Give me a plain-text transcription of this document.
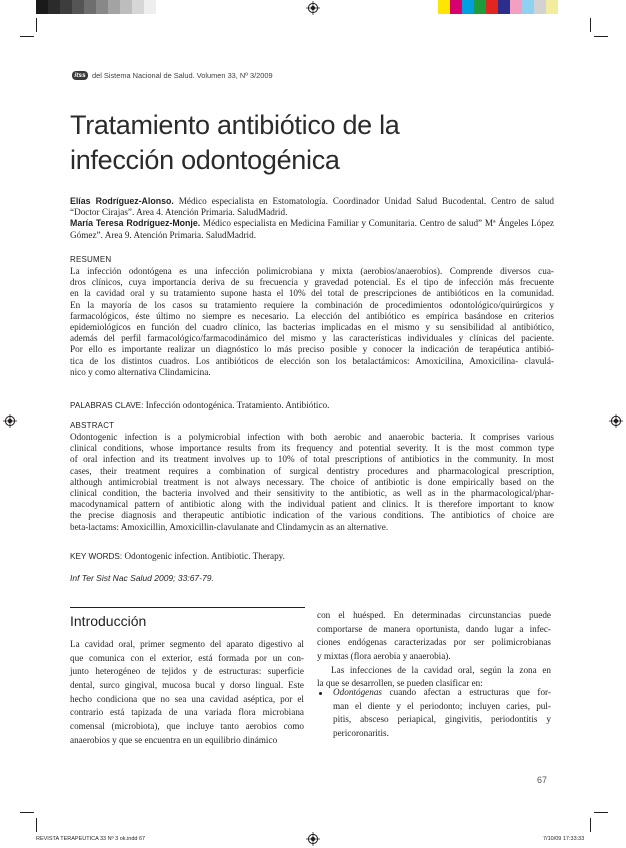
itss del Sistema Nacional de Salud. Volumen 33, Nº 3/2009
Tratamiento antibiótico de la
infección odontogénica

Elías Rodríguez-Alonso. Médico especialista en Estomatología. Coordinador Unidad Salud Bucodental. Centro de salud “Doctor Cirajas”. Area 4. Atención Primaria. SaludMadrid.

María Teresa Rodríguez-Monje. Médico especialista en Medicina Familiar y Comunitaria. Centro de salud” Mª Ángeles López Gómez”. Area 9. Atención Primaria. SaludMadrid.

RESUMEN
La infección odontógena es una infección polimicrobiana y mixta (aerobios/anaerobios). Comprende diversos cua-
dros clínicos, cuya importancia deriva de su frecuencia y gravedad potencial. Es el tipo de infección más frecuente
en la cavidad oral y su tratamiento supone hasta el 10% del total de prescripciones de antibióticos en la comunidad.
En la mayoría de los casos su tratamiento requiere la combinación de procedimientos odontológico/quirúrgicos y
farmacológicos, éste último no siempre es necesario. La elección del antibiótico es empírica basándose en criterios
epidemiológicos en función del cuadro clínico, las bacterias implicadas en el mismo y su sensibilidad al antibiótico,
además del perfil farmacológico/farmacodinámico del mismo y las características individuales y clínicas del paciente.
Por ello es importante realizar un diagnóstico lo más preciso posible y conocer la indicación de terapéutica antibió-
tica de los distintos cuadros. Los antibióticos de elección son los betalactámicos: Amoxicilina, Amoxicilina- clavulá-
nico y como alternativa Clindamicina.
PALABRAS CLAVE: Infección odontogénica. Tratamiento. Antibiótico.
ABSTRACT
Odontogenic infection is a polymicrobial infection with both aerobic and anaerobic bacteria. It comprises various
clinical conditions, whose importance results from its frequency and potential severity. It is the most common type
of oral infection and its treatment involves up to 10% of total prescriptions of antibiotics in the community. In most
cases, their treatment requires a combination of surgical dentistry procedures and pharmacological prescription,
although antimicrobial treatment is not always necessary. The choice of antibiotic is done empirically based on the
clinical condition, the bacteria involved and their sensitivity to the antibiotic, as well as in the pharmacological/phar-
macodynamical pattern of antibiotic along with the individual patient and clinics. It is therefore important to know
the precise diagnosis and therapeutic antibiotic indication of the various conditions. The antibiotics of choice are
beta-lactams: Amoxicillin, Amoxicillin-clavulanate and Clindamycin as an alternative.
KEY WORDS: Odontogenic infection. Antibiotic. Therapy.
Inf Ter Sist Nac Salud 2009; 33:67-79.
Introducción
La cavidad oral, primer segmento del aparato digestivo al
que comunica con el exterior, está formada por un con-
junto heterogéneo de tejidos y de estructuras: superficie
dental, surco gingival, mucosa bucal y dorso lingual. Este
hecho condiciona que no sea una cavidad aséptica, por el
contrario está tapizada de una variada flora microbiana
comensal (microbiota), que incluye tanto aerobios como
anaerobios y que se encuentra en un equilibrio dinámico
con el huésped. En determinadas circunstancias puede
comportarse de manera oportunista, dando lugar a infec-
ciones endógenas caracterizadas por ser polimicrobianas
y mixtas (flora aerobia y anaerobia).
Las infecciones de la cavidad oral, según la zona en
la que se desarrollen, se pueden clasificar en:
Odontógenas cuando afectan a estructuras que for-
man el diente y el periodonto; incluyen caries, pul-
pitis, absceso periapical, gingivitis, periodontitis y
pericoronaritis.
67
REVISTA TERAPEUTICA 33 Nº 3 ok.indd 67	7/10/09 17:33:33
